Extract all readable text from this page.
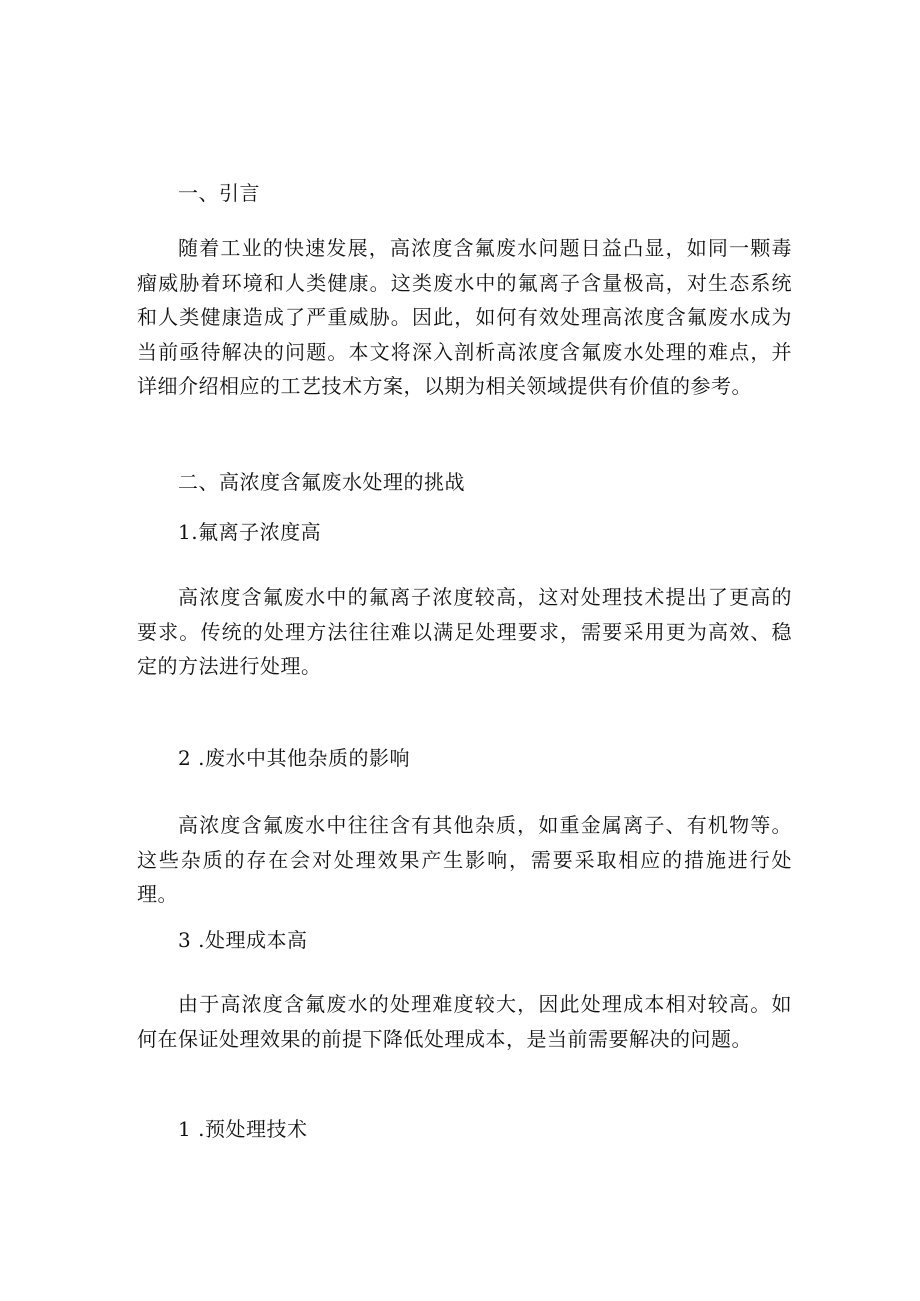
一、引言

随着工业的快速发展，高浓度含氟废水问题日益凸显，如同一颗毒瘤威胁着环境和人类健康。这类废水中的氟离子含量极高，对生态系统和人类健康造成了严重威胁。因此，如何有效处理高浓度含氟废水成为当前亟待解决的问题。本文将深入剖析高浓度含氟废水处理的难点，并详细介绍相应的工艺技术方案，以期为相关领域提供有价值的参考。

二、高浓度含氟废水处理的挑战

1.氟离子浓度高

高浓度含氟废水中的氟离子浓度较高，这对处理技术提出了更高的要求。传统的处理方法往往难以满足处理要求，需要采用更为高效、稳定的方法进行处理。

2 .废水中其他杂质的影响

高浓度含氟废水中往往含有其他杂质，如重金属离子、有机物等。这些杂质的存在会对处理效果产生影响，需要采取相应的措施进行处理。

3 .处理成本高

由于高浓度含氟废水的处理难度较大，因此处理成本相对较高。如何在保证处理效果的前提下降低处理成本，是当前需要解决的问题。

1 .预处理技术
